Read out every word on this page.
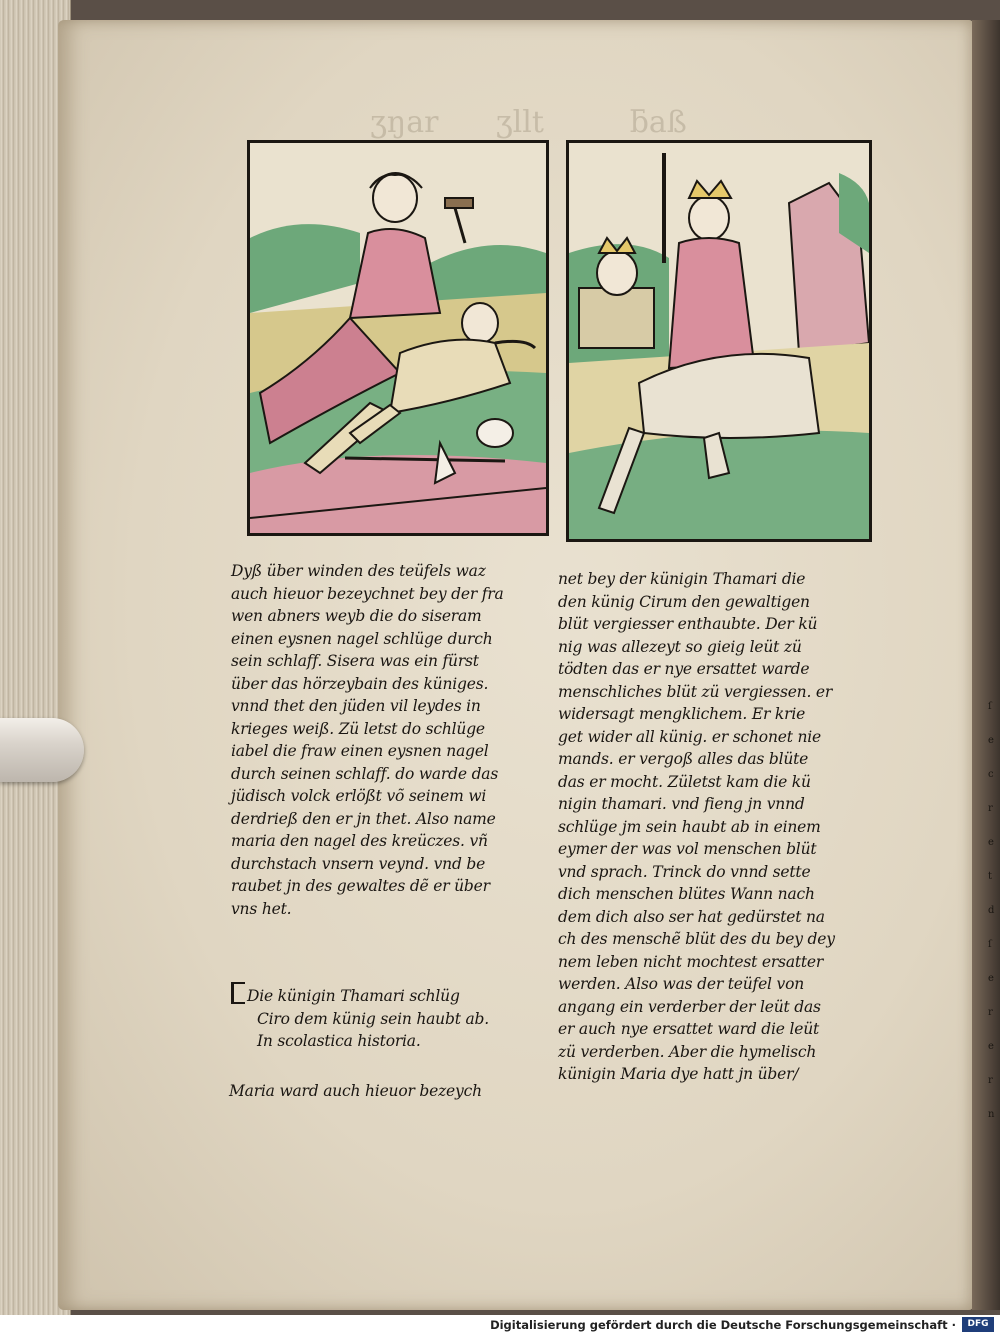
ʒŋar      ʒllt         ƃaß
Dyß über winden des teüfels waz
auch hieuor bezeychnet bey der fra
wen abners weyb die do siseram
einen eysnen nagel schlüge durch
sein schlaff. Sisera was ein fürst
über das hörzeybain des küniges.
vnnd thet den jüden vil leydes in
krieges weiß. Zü letst do schlüge
iabel die fraw einen eysnen nagel
durch seinen schlaff. do warde das
jüdisch volck erlößt võ seinem wi
derdrieß den er jn thet. Also name
maria den nagel des kreüczes. vñ
durchstach vnsern veynd. vnd be
raubet jn des gewaltes dẽ er über
vns het.
Die künigin Thamari schlüg
Ciro dem künig sein haubt ab.
In scolastica historia.
Maria ward auch hieuor bezeych
net bey der künigin Thamari die
den künig Cirum den gewaltigen
blüt vergiesser enthaubte. Der kü
nig was allezeyt so gieig leüt zü
tödten das er nye ersattet warde
menschliches blüt zü vergiessen. er
widersagt mengklichem. Er krie
get wider all künig. er schonet nie
mands. er vergoß alles das blüte
das er mocht. Zületst kam die kü
nigin thamari. vnd fieng jn vnnd
schlüge jm sein haubt ab in einem
eymer der was vol menschen blüt
vnd sprach. Trinck do vnnd sette
dich menschen blütes Wann nach
dem dich also ser hat gedürstet na
ch des menschẽ blüt des du bey dey
nem leben nicht mochtest ersatter
werden. Also was der teüfel von
angang ein verderber der leüt das
er auch nye ersattet ward die leüt
zü verderben. Aber die hymelisch
künigin Maria dye hatt jn über/
ſ e c r e t d ſ e r e r n
Digitalisierung gefördert durch die Deutsche Forschungsgemeinschaft ·	DFG
